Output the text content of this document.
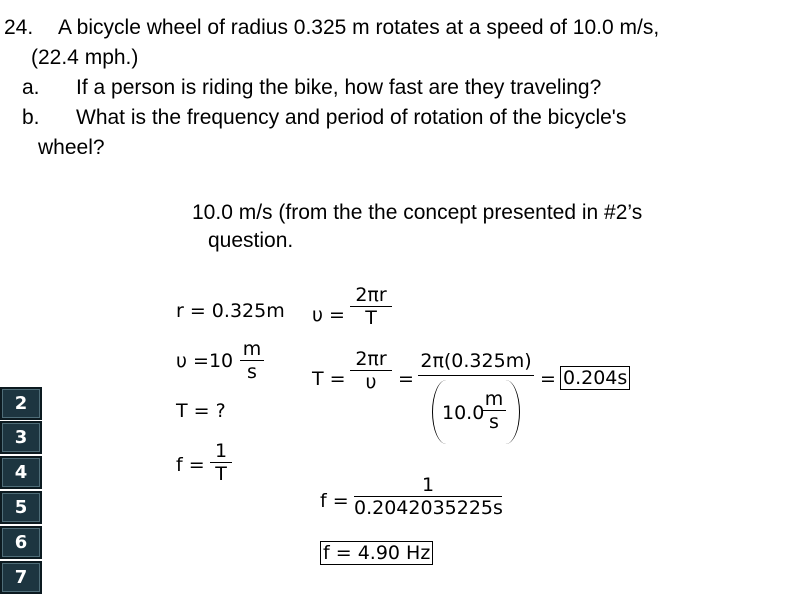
24. A bicycle wheel of radius 0.325 m rotates at a speed of 10.0 m/s,
(22.4 mph.)
a. If a person is riding the bike, how fast are they traveling?
b. What is the frequency and period of rotation of the bicycle's
wheel?
10.0 m/s (from the the concept presented in #2’s
question.
r = 0.325m
υ =10
m
s
T = ?
f =
1
T
υ =
2πr
T
T =
2πr
υ	=
2π(0.325m)
10.0
m
s
= 0.204s
f =
1
0.2042035225s
f = 4.90 Hz
2
3
4
5
6
7
